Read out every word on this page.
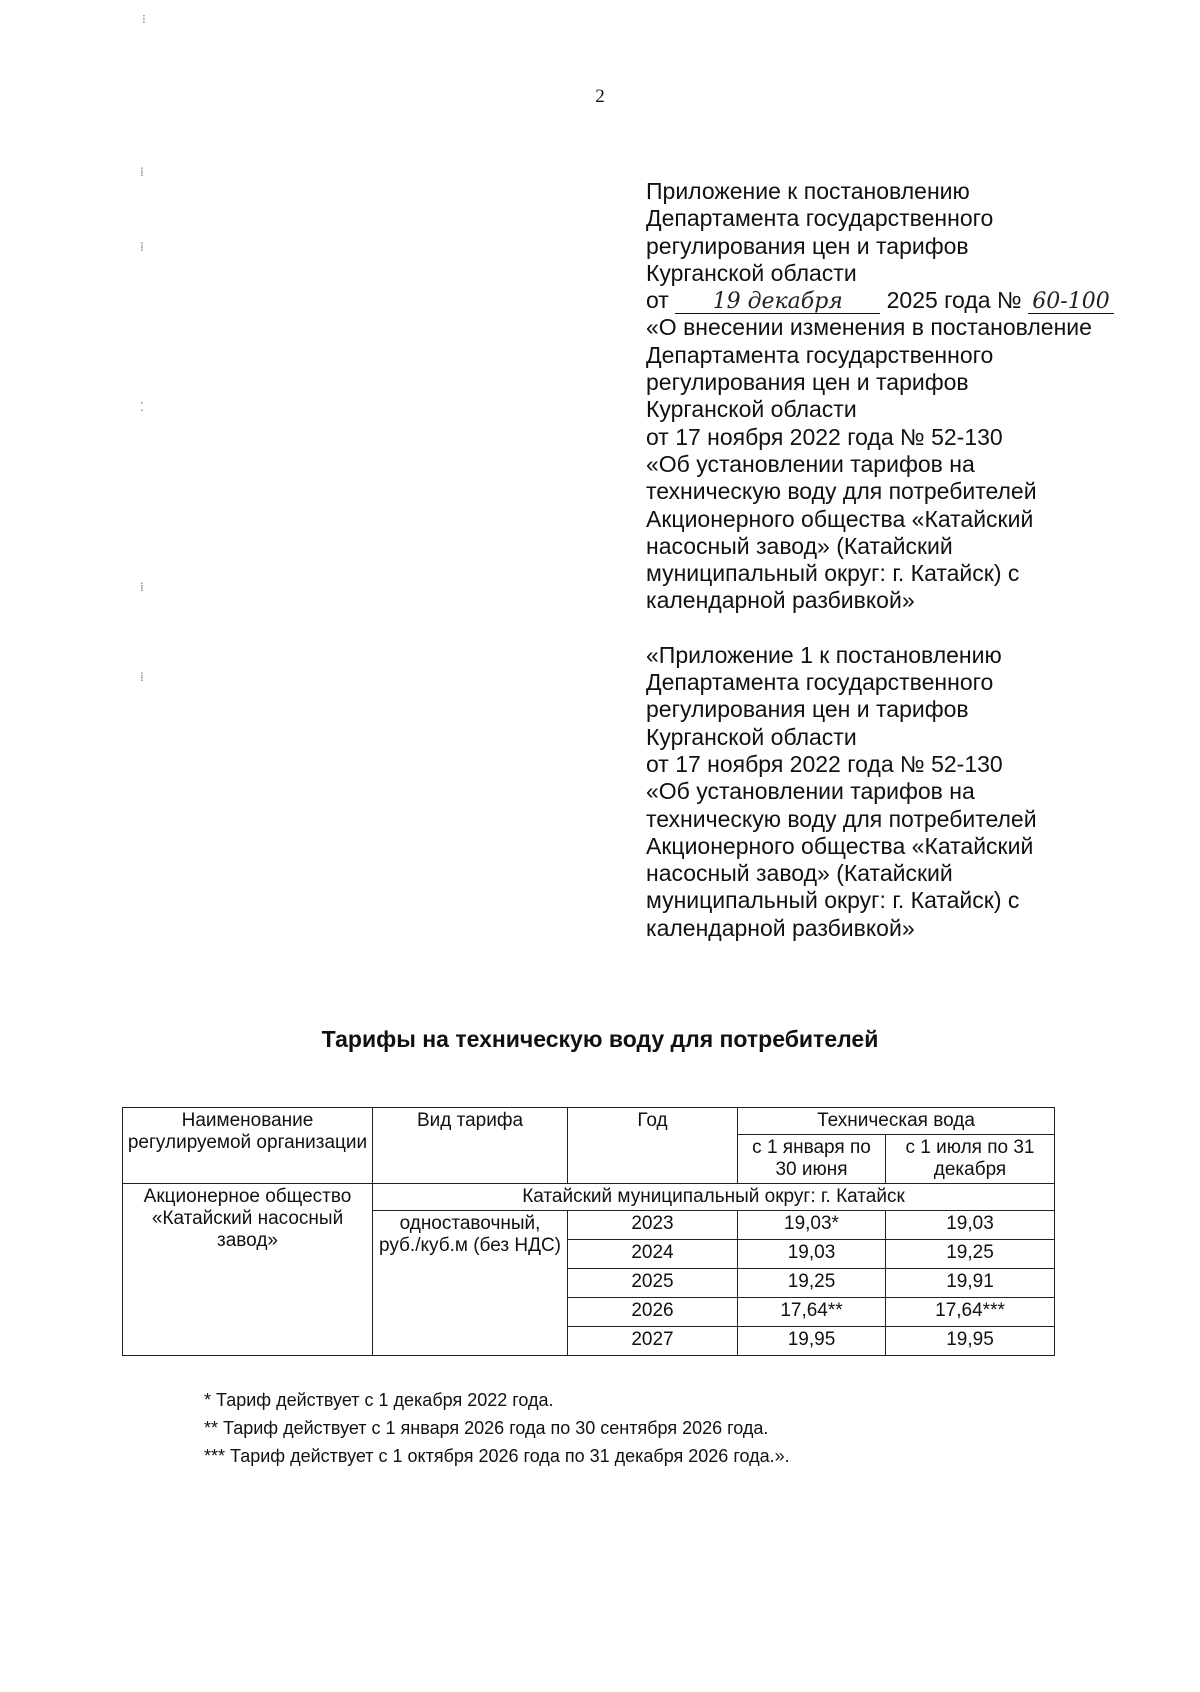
2
Приложение к постановлению
Департамента государственного
регулирования цен и тарифов
Курганской области
от 19 декабря 2025 года № 60-100
«О внесении изменения в постановление
Департамента государственного
регулирования цен и тарифов
Курганской области
от 17 ноября 2022 года № 52-130
«Об установлении тарифов на
техническую воду для потребителей
Акционерного общества «Катайский
насосный завод» (Катайский
муниципальный округ: г. Катайск) с
календарной разбивкой»
«Приложение 1 к постановлению
Департамента государственного
регулирования цен и тарифов
Курганской области
от 17 ноября 2022 года № 52-130
«Об установлении тарифов на
техническую воду для потребителей
Акционерного общества «Катайский
насосный завод» (Катайский
муниципальный округ: г. Катайск) с
календарной разбивкой»
Тарифы на техническую воду для потребителей
Наименование регулируемой организации	Вид тарифа	Год	Техническая вода	
			с 1 января по 30 июня	с 1 июля по 31 декабря
Акционерное общество «Катайский насосный завод»	Катайский муниципальный округ: г. Катайск			
	одноставочный, руб./куб.м (без НДС)	2023	19,03*	19,03
		2024	19,03	19,25
		2025	19,25	19,91
		2026	17,64**	17,64***
		2027	19,95	19,95
* Тариф действует с 1 декабря 2022 года.
** Тариф действует с 1 января 2026 года по 30 сентября 2026 года.
*** Тариф действует с 1 октября 2026 года по 31 декабря 2026 года.».
⁝
⁞
⁞
⁚
⁞
⁞
